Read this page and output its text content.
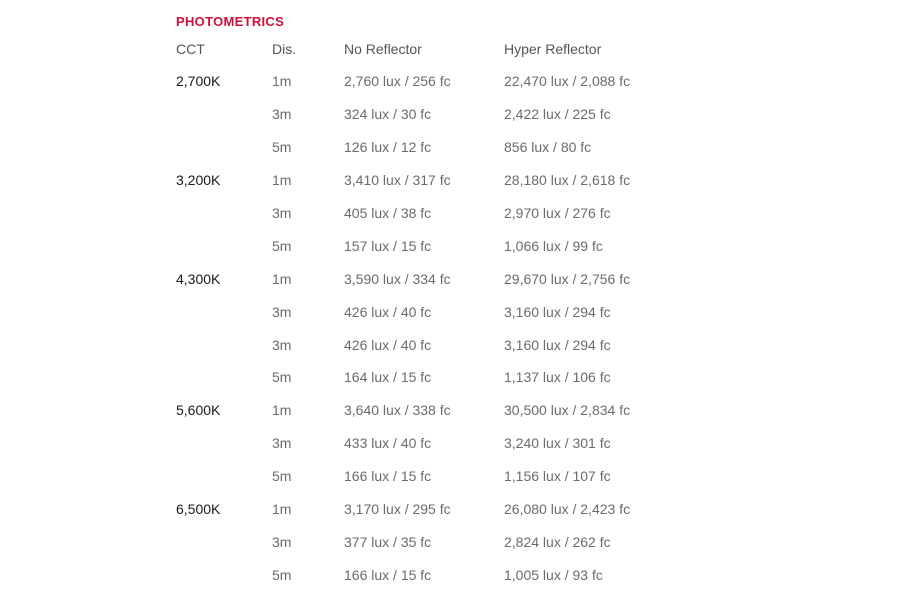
PHOTOMETRICS
CCT	Dis.	No Reflector	Hyper Reflector
2,700K	1m	2,760 lux / 256 fc	22,470 lux / 2,088 fc
	3m	324 lux / 30 fc	2,422 lux / 225 fc
	5m	126 lux / 12 fc	856 lux / 80 fc
3,200K	1m	3,410 lux / 317 fc	28,180 lux / 2,618 fc
	3m	405 lux / 38 fc	2,970 lux / 276 fc
	5m	157 lux / 15 fc	1,066 lux / 99 fc
4,300K	1m	3,590 lux / 334 fc	29,670 lux / 2,756 fc
	3m	426 lux / 40 fc	3,160 lux / 294 fc
	3m	426 lux / 40 fc	3,160 lux / 294 fc
	5m	164 lux / 15 fc	1,137 lux / 106 fc
5,600K	1m	3,640 lux / 338 fc	30,500 lux / 2,834 fc
	3m	433 lux / 40 fc	3,240 lux / 301 fc
	5m	166 lux / 15 fc	1,156 lux / 107 fc
6,500K	1m	3,170 lux / 295 fc	26,080 lux / 2,423 fc
	3m	377 lux / 35 fc	2,824 lux / 262 fc
	5m	166 lux / 15 fc	1,005 lux / 93 fc
